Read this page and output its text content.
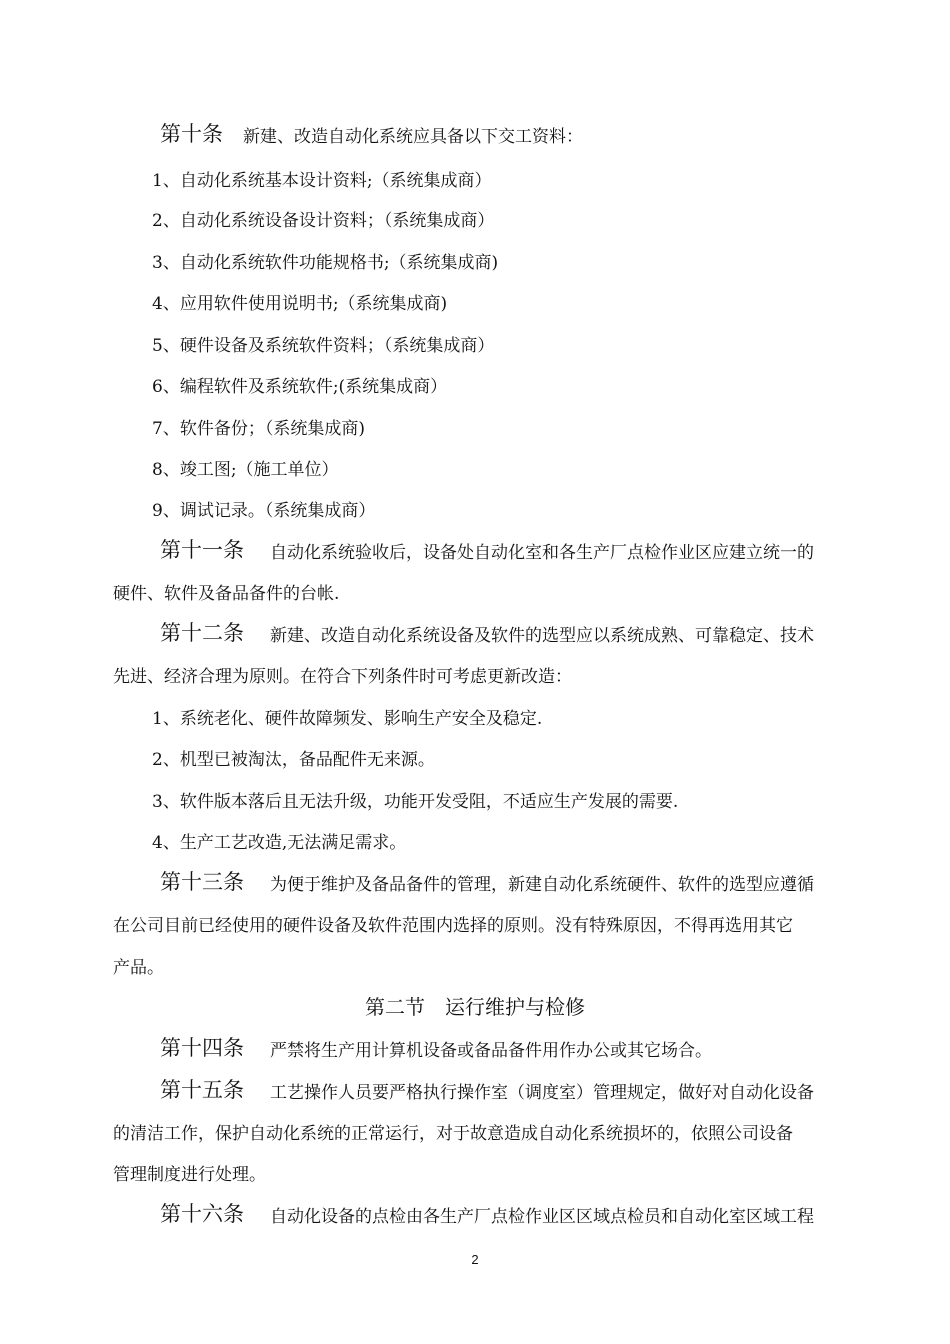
第十条 新建、改造自动化系统应具备以下交工资料：
1、自动化系统基本设计资料;（系统集成商）
2、自动化系统设备设计资料；（系统集成商）
3、自动化系统软件功能规格书;（系统集成商)
4、应用软件使用说明书;（系统集成商)
5、硬件设备及系统软件资料；（系统集成商）
6、编程软件及系统软件;(系统集成商）
7、软件备份；（系统集成商)
8、竣工图;（施工单位）
9、调试记录。（系统集成商）
第十一条 自动化系统验收后，设备处自动化室和各生产厂点检作业区应建立统一的
硬件、软件及备品备件的台帐.
第十二条 新建、改造自动化系统设备及软件的选型应以系统成熟、可靠稳定、技术
先进、经济合理为原则。在符合下列条件时可考虑更新改造：
1、系统老化、硬件故障频发、影响生产安全及稳定.
2、机型已被淘汰，备品配件无来源。
3、软件版本落后且无法升级，功能开发受阻，不适应生产发展的需要.
4、生产工艺改造,无法满足需求。
第十三条 为便于维护及备品备件的管理，新建自动化系统硬件、软件的选型应遵循
在公司目前已经使用的硬件设备及软件范围内选择的原则。没有特殊原因，不得再选用其它
产品。
第二节　运行维护与检修
第十四条 严禁将生产用计算机设备或备品备件用作办公或其它场合。
第十五条 工艺操作人员要严格执行操作室（调度室）管理规定，做好对自动化设备
的清洁工作，保护自动化系统的正常运行，对于故意造成自动化系统损坏的，依照公司设备
管理制度进行处理。
第十六条 自动化设备的点检由各生产厂点检作业区区域点检员和自动化室区域工程
2
